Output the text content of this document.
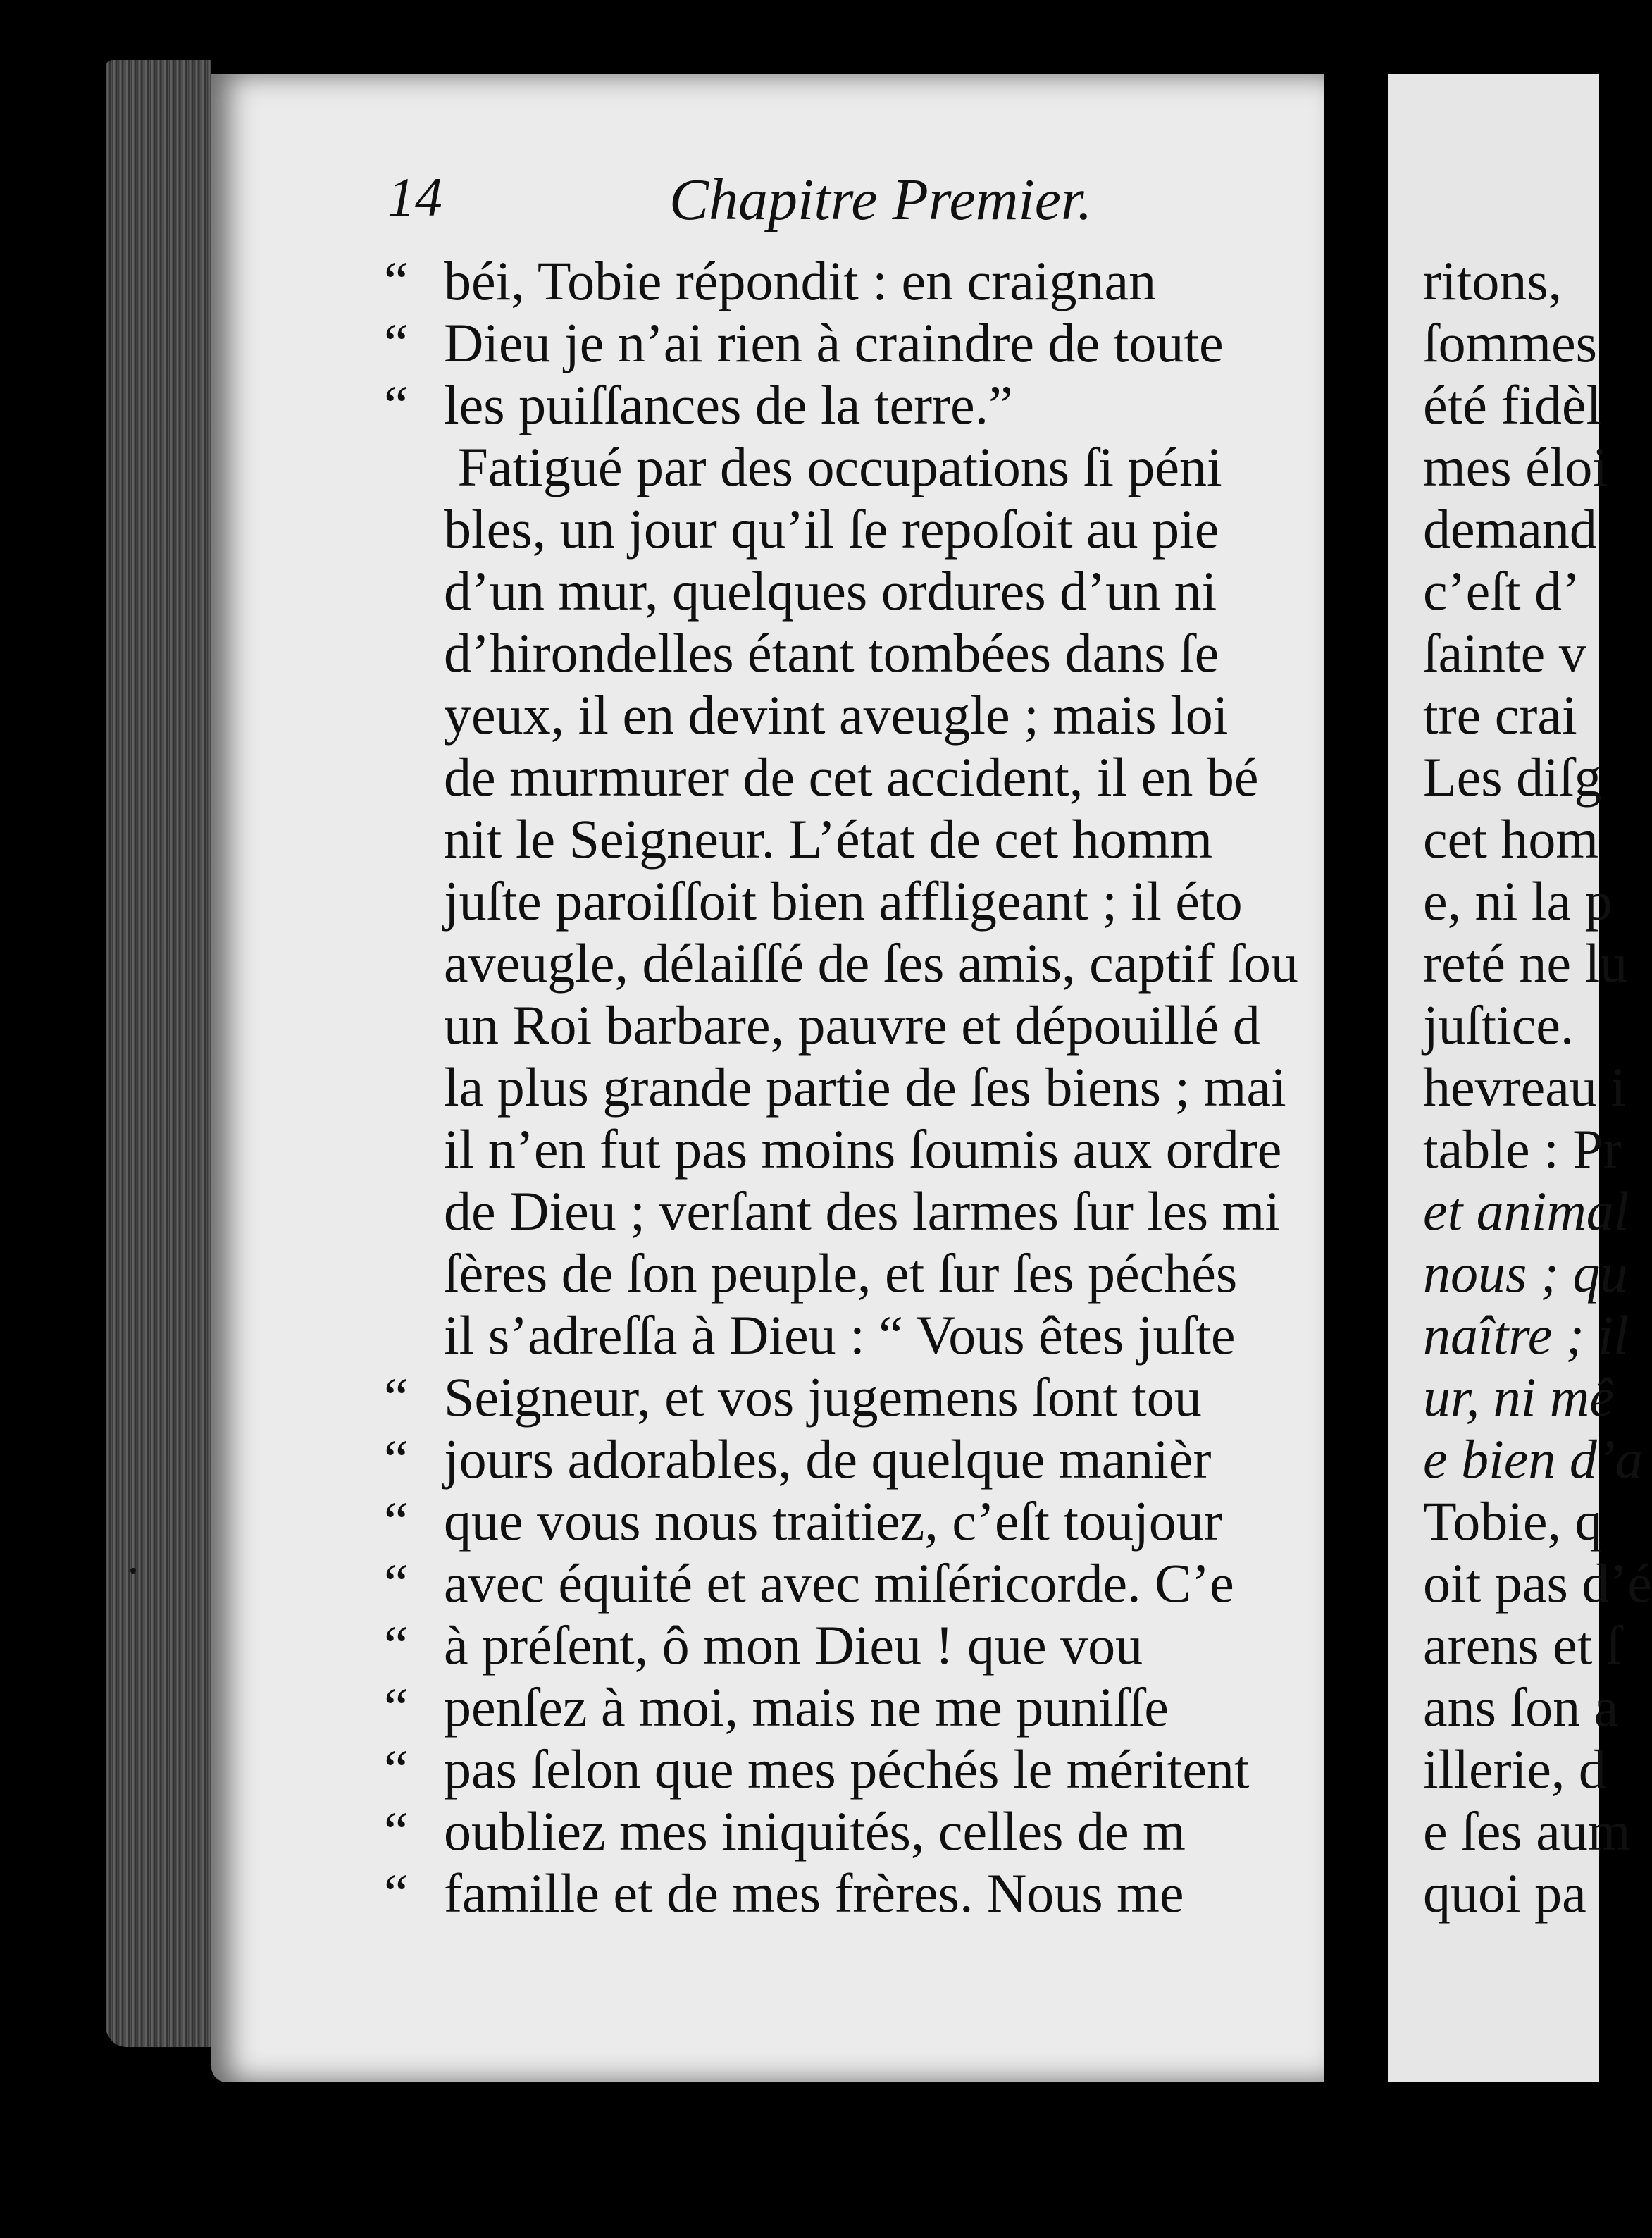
14	Chapitre Premier.
“ béi, Tobie répondit : en craignan
“ Dieu je n’ai rien à craindre de toute
“ les puiſſances de la terre.”
Fatigué par des occupations ſi péni
bles, un jour qu’il ſe repoſoit au pie
d’un mur, quelques ordures d’un ni
d’hirondelles étant tombées dans ſe
yeux, il en devint aveugle ; mais loi
de murmurer de cet accident, il en bé
nit le Seigneur. L’état de cet homm
juſte paroiſſoit bien affligeant ; il éto
aveugle, délaiſſé de ſes amis, captif ſou
un Roi barbare, pauvre et dépouillé d
la plus grande partie de ſes biens ; mai
il n’en fut pas moins ſoumis aux ordre
de Dieu ; verſant des larmes ſur les mi
ſères de ſon peuple, et ſur ſes péchés
il s’adreſſa à Dieu : “ Vous êtes juſte
“ Seigneur, et vos jugemens ſont tou
“ jours adorables, de quelque manièr
“ que vous nous traitiez, c’eſt toujour
“ avec équité et avec miſéricorde. C’e
“ à préſent, ô mon Dieu ! que vou
“ penſez à moi, mais ne me puniſſe
“ pas ſelon que mes péchés le méritent
“ oubliez mes iniquités, celles de m
“ famille et de mes frères. Nous me
ritons,
ſommes
été fidèl
mes éloi
demand
c’eſt d’
ſainte v
tre crai
Les diſg
cet hom
e, ni la p
reté ne lu
juſtice.
hevreau i
table : Pr
et animal
nous ; qu
naître ; il
ur, ni mê
e bien d’a
Tobie, q
oit pas d’é
arens et ſ
ans ſon a
illerie, d
e ſes aum
quoi pa
